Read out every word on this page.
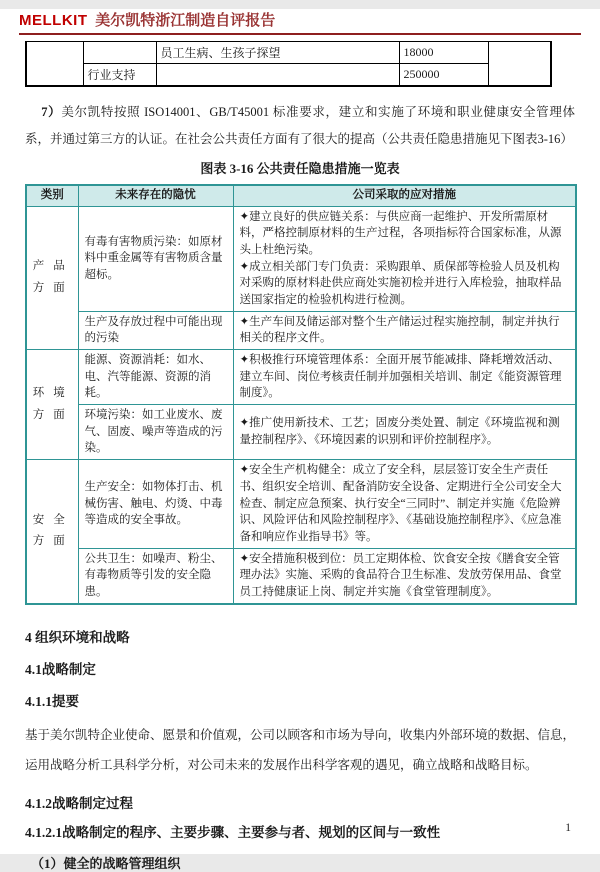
MELLKIT 美尔凯特浙江制造自评报告
		员工生病、生孩子探望	18000	
	行业支持		250000	

7）美尔凯特按照 ISO14001、GB/T45001 标准要求，建立和实施了环境和职业健康安全管理体系，并通过第三方的认证。在社会公共责任方面有了很大的提高（公共责任隐患措施见下图表3-16）

图表 3-16 公共责任隐患措施一览表
类别	未来存在的隐忧	公司采取的应对措施

产品方面	有毒有害物质污染：如原材料中重金属等有害物质含量超标。	✦建立良好的供应链关系：与供应商一起维护、开发所需原材料，严格控制原材料的生产过程，各项指标符合国家标准，从源头上杜绝污染。
✦成立相关部门专门负责：采购跟单、质保部等检验人员及机构对采购的原材料赴供应商处实施初检并进行入库检验，抽取样品送国家指定的检验机构进行检测。

	生产及存放过程中可能出现的污染	✦生产车间及储运部对整个生产储运过程实施控制，制定并执行相关的程序文件。

环境方面	能源、资源消耗：如水、电、汽等能源、资源的消耗。	✦积极推行环境管理体系：全面开展节能减排、降耗增效活动、建立车间、岗位考核责任制并加强相关培训、制定《能资源管理制度》。

	环境污染：如工业废水、废气、固废、噪声等造成的污染。	✦推广使用新技术、工艺；固废分类处置、制定《环境监视和测量控制程序》、《环境因素的识别和评价控制程序》。

安全方面	生产安全：如物体打击、机械伤害、触电、灼烫、中毒等造成的安全事故。	✦安全生产机构健全：成立了安全科，层层签订安全生产责任书、组织安全培训、配备消防安全设备、定期进行全公司安全大检查、制定应急预案、执行安全“三同时”、制定并实施《危险辨识、风险评估和风险控制程序》、《基础设施控制程序》、《应急准备和响应作业指导书》等。

	公共卫生：如噪声、粉尘、有毒物质等引发的安全隐患。	✦安全措施积极到位：员工定期体检、饮食安全按《膳食安全管理办法》实施、采购的食品符合卫生标准、发放劳保用品、食堂员工持健康证上岗、制定并实施《食堂管理制度》。
4 组织环境和战略
4.1战略制定
4.1.1提要

基于美尔凯特企业使命、愿景和价值观，公司以顾客和市场为导向，收集内外部环境的数据、信息，运用战略分析工具科学分析，对公司未来的发展作出科学客观的遇见，确立战略和战略目标。

4.1.2战略制定过程
4.1.2.1战略制定的程序、主要步骤、主要参与者、规划的区间与一致性
（1）健全的战略管理组织
1
